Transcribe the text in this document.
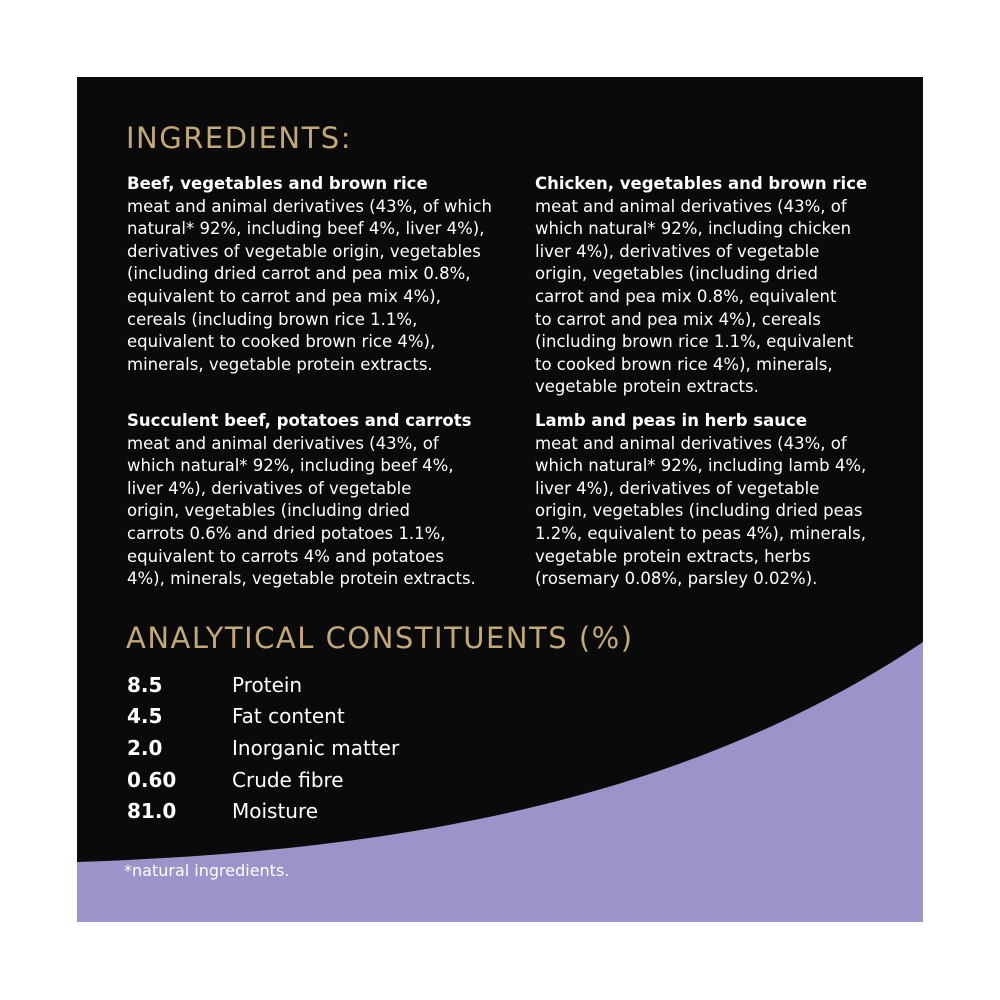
INGREDIENTS:
Beef, vegetables and brown rice
meat and animal derivatives (43%, of which
natural* 92%, including beef 4%, liver 4%),
derivatives of vegetable origin, vegetables
(including dried carrot and pea mix 0.8%,
equivalent to carrot and pea mix 4%),
cereals (including brown rice 1.1%,
equivalent to cooked brown rice 4%),
minerals, vegetable protein extracts.
Chicken, vegetables and brown rice
meat and animal derivatives (43%, of
which natural* 92%, including chicken
liver 4%), derivatives of vegetable
origin, vegetables (including dried
carrot and pea mix 0.8%, equivalent
to carrot and pea mix 4%), cereals
(including brown rice 1.1%, equivalent
to cooked brown rice 4%), minerals,
vegetable protein extracts.
Succulent beef, potatoes and carrots
meat and animal derivatives (43%, of
which natural* 92%, including beef 4%,
liver 4%), derivatives of vegetable
origin, vegetables (including dried
carrots 0.6% and dried potatoes 1.1%,
equivalent to carrots 4% and potatoes
4%), minerals, vegetable protein extracts.
Lamb and peas in herb sauce
meat and animal derivatives (43%, of
which natural* 92%, including lamb 4%,
liver 4%), derivatives of vegetable
origin, vegetables (including dried peas
1.2%, equivalent to peas 4%), minerals,
vegetable protein extracts, herbs
(rosemary 0.08%, parsley 0.02%).
ANALYTICAL CONSTITUENTS (%)
8.5	Protein
4.5	Fat content
2.0	Inorganic matter
0.60	Crude fibre
81.0	Moisture
*natural ingredients.
